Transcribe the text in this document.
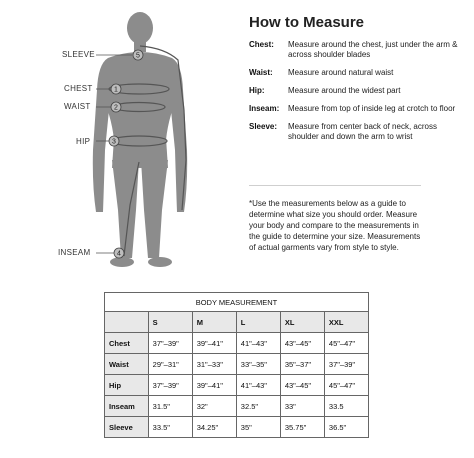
5
1
2
3
4
SLEEVE
CHEST
WAIST
HIP
INSEAM
How to Measure
Chest:	Measure around the chest, just under the arm & across shoulder blades
Waist:	Measure around natural waist
Hip:	Measure around the widest part
Inseam:	Measure from top of inside leg at crotch to floor
Sleeve:	Measure from center back of neck, across shoulder and down the arm to wrist
*Use the measurements below as a guide to determine what size you should order. Measure your body and compare to the measurements in the guide to determine your size. Measurements of actual garments vary from style to style.
BODY MEASUREMENT					
	S	M	L	XL	XXL
Chest	37"–39"	39"–41"	41"–43"	43"–45"	45"–47"
Waist	29"–31"	31"–33"	33"–35"	35"–37"	37"–39"
Hip	37"–39"	39"–41"	41"–43"	43"–45"	45"–47"
Inseam	31.5"	32"	32.5"	33"	33.5
Sleeve	33.5"	34.25"	35"	35.75"	36.5"
